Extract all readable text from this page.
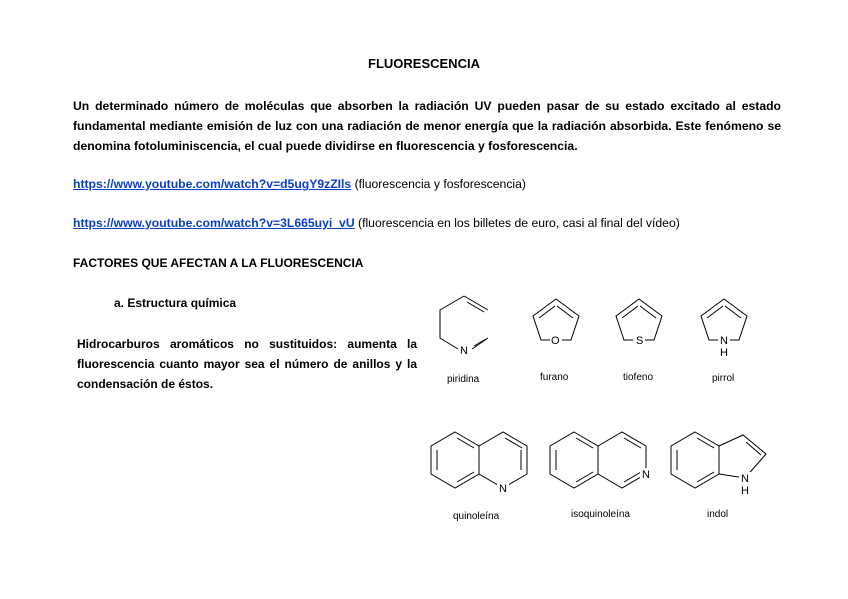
FLUORESCENCIA
Un determinado número de moléculas que absorben la radiación UV pueden pasar de su estado excitado al estado fundamental mediante emisión de luz con una radiación de menor energía que la radiación absorbida. Este fenómeno se denomina fotoluminiscencia, el cual puede dividirse en fluorescencia y fosforescencia.
https://www.youtube.com/watch?v=d5ugY9zZIls (fluorescencia y fosforescencia)
https://www.youtube.com/watch?v=3L665uyi_vU (fluorescencia en los billetes de euro, casi al final del vídeo)
FACTORES QUE AFECTAN A LA FLUORESCENCIA
a. Estructura química
Hidrocarburos aromáticos no sustituidos: aumenta la fluorescencia cuanto mayor sea el número de anillos y la condensación de éstos.
N
O	S	N
H
N
N	N
H
piridina	furano	tiofeno	pirrol
quinoleína	isoquinoleína	indol
